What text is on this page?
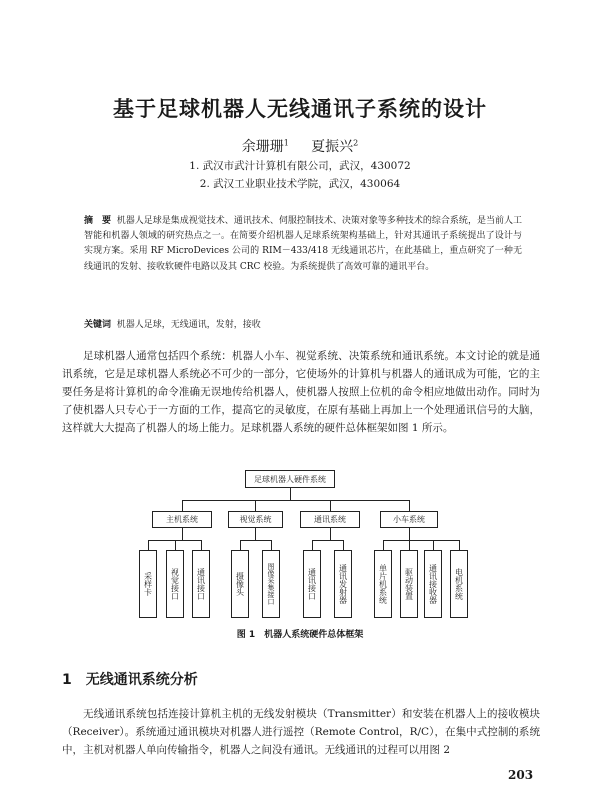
基于足球机器人无线通讯子系统的设计
余珊珊$^1$ 夏振兴$^2$
1. 武汉市武汁计算机有限公司，武汉，430072
2. 武汉工业职业技术学院，武汉，430064
摘　要 机器人足球是集成视觉技术、通讯技术、伺服控制技术、决策对象等多种技术的综合系统，是当前人工智能和机器人领域的研究热点之一。在简要介绍机器人足球系统架构基础上，针对其通讯子系统提出了设计与实现方案。采用 RF MicroDevices 公司的 RIM－433/418 无线通讯芯片，在此基础上，重点研究了一种无线通讯的发射、接收软硬件电路以及其 CRC 校验。为系统提供了高效可靠的通讯平台。
关键词 机器人足球，无线通讯，发射，接收
足球机器人通常包括四个系统：机器人小车、视觉系统、决策系统和通讯系统。本文讨论的就是通讯系统，它是足球机器人系统必不可少的一部分，它使场外的计算机与机器人的通讯成为可能，它的主要任务是将计算机的命令准确无误地传给机器人，使机器人按照上位机的命令相应地做出动作。同时为了使机器人只专心于一方面的工作，提高它的灵敏度，在原有基础上再加上一个处理通讯信号的大脑，这样就大大提高了机器人的场上能力。足球机器人系统的硬件总体框架如图 1 所示。
足球机器人硬件系统
主机系统	视觉系统	通讯系统	小车系统
采样卡	视觉接口	通讯接口	摄像头	图像采集接口	通讯接口	通讯发射器	单片机系统	驱动装置	通讯接收器	电机系统
图 1　机器人系统硬件总体框架
1 无线通讯系统分析
无线通讯系统包括连接计算机主机的无线发射模块（Transmitter）和安装在机器人上的接收模块（Receiver）。系统通过通讯模块对机器人进行遥控（Remote Control，R/C），在集中式控制的系统中，主机对机器人单向传输指令，机器人之间没有通讯。无线通讯的过程可以用图 2
203
